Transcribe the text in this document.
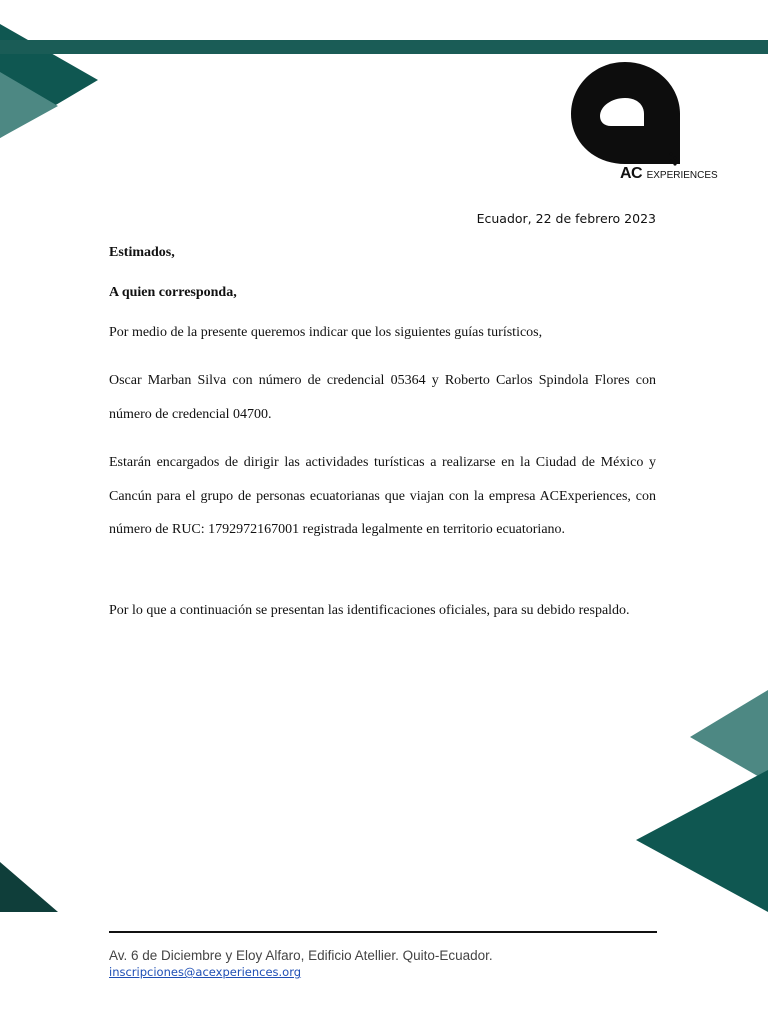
AC EXPERIENCES
Ecuador, 22 de febrero 2023
Estimados,
A quien corresponda,
Por medio de la presente queremos indicar que los siguientes guías turísticos,
Oscar Marban Silva con número de credencial 05364 y Roberto Carlos Spindola Flores con número de credencial 04700.
Estarán encargados de dirigir las actividades turísticas a realizarse en la Ciudad de México y Cancún para el grupo de personas ecuatorianas que viajan con la empresa ACExperiences, con número de RUC: 1792972167001 registrada legalmente en territorio ecuatoriano.
Por lo que a continuación se presentan las identificaciones oficiales, para su debido respaldo.
Av. 6 de Diciembre y Eloy Alfaro, Edificio Atellier. Quito-Ecuador.
inscripciones@acexperiences.org
